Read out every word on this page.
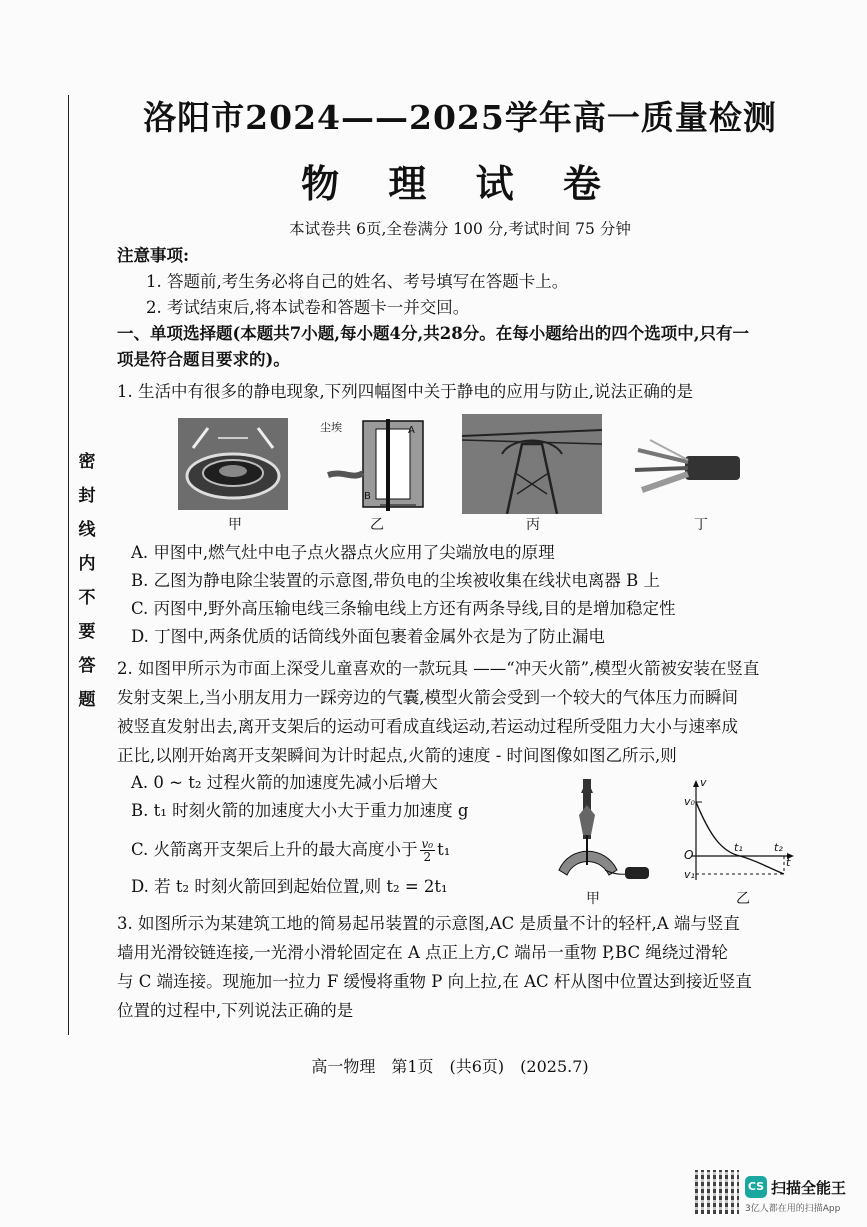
密
封
线
内
不
要
答
题
洛阳市2024——2025学年高一质量检测
物 理 试 卷
本试卷共 6页,全卷满分 100 分,考试时间 75 分钟
注意事项:
1. 答题前,考生务必将自己的姓名、考号填写在答题卡上。
2. 考试结束后,将本试卷和答题卡一并交回。
一、单项选择题(本题共7小题,每小题4分,共28分。在每小题给出的四个选项中,只有一
项是符合题目要求的)。
1. 生活中有很多的静电现象,下列四幅图中关于静电的应用与防止,说法正确的是
甲
尘埃	A
B
乙	丙	丁
A. 甲图中,燃气灶中电子点火器点火应用了尖端放电的原理
B. 乙图为静电除尘装置的示意图,带负电的尘埃被收集在线状电离器 B 上
C. 丙图中,野外高压输电线三条输电线上方还有两条导线,目的是增加稳定性
D. 丁图中,两条优质的话筒线外面包裹着金属外衣是为了防止漏电
2. 如图甲所示为市面上深受儿童喜欢的一款玩具 ——“冲天火箭”,模型火箭被安装在竖直
发射支架上,当小朋友用力一踩旁边的气囊,模型火箭会受到一个较大的气体压力而瞬间
被竖直发射出去,离开支架后的运动可看成直线运动,若运动过程所受阻力大小与速率成
正比,以刚开始离开支架瞬间为计时起点,火箭的速度 - 时间图像如图乙所示,则
A. 0 ~ t₂ 过程火箭的加速度先减小后增大
B. t₁ 时刻火箭的加速度大小大于重力加速度 g
C. 火箭离开支架后上升的最大高度小于 $\frac{\text{v₀}}{2} t_1$
D. 若 t₂ 时刻火箭回到起始位置,则 t₂ = 2t₁
甲
v
v₀
O
t₁	t₂
t
v₁
乙
3. 如图所示为某建筑工地的简易起吊装置的示意图,AC 是质量不计的轻杆,A 端与竖直
墙用光滑铰链连接,一光滑小滑轮固定在 A 点正上方,C 端吊一重物 P,BC 绳绕过滑轮
与 C 端连接。现施加一拉力 F 缓慢将重物 P 向上拉,在 AC 杆从图中位置达到接近竖直
位置的过程中,下列说法正确的是
高一物理　第1页　(共6页)　(2025.7)
CS 扫描全能王
3亿人都在用的扫描App
